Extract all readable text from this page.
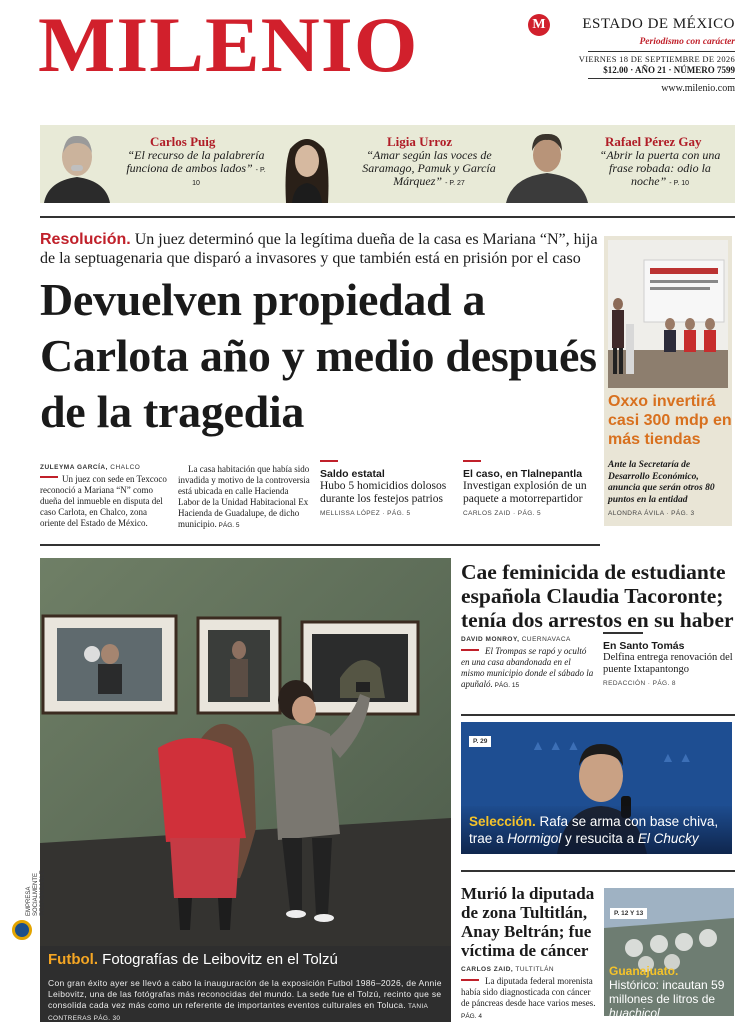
MILENIO	M	ESTADO DE MÉXICO
Periodismo con carácter
VIERNES 18 DE SEPTIEMBRE DE 2026
$12.00 · AÑO 21 · NÚMERO 7599
www.milenio.com
Carlos Puig
“El recurso de la palabrería funciona de ambos lados” - P. 10
Ligia Urroz
“Amar según las voces de Saramago, Pamuk y García Márquez” - P. 27
Rafael Pérez Gay
“Abrir la puerta con una frase robada: odio la noche” - P. 10
Resolución. Un juez determinó que la legítima dueña de la casa es Mariana “N”, hija de la septuagenaria que disparó a invasores y que también está en prisión por el caso
Devuelven propiedad a Carlota año y medio después de la tragedia
ZULEYMA GARCÍA, CHALCO
Un juez con sede en Texcoco reconoció a Mariana “N” como dueña del inmueble en disputa del caso Carlota, en Chalco, zona oriente del Estado de México.
La casa habitación que había sido invadida y motivo de la controversia está ubicada en calle Hacienda Labor de la Unidad Habitacional Ex Hacienda de Guadalupe, de dicho municipio. PÁG. 5
Saldo estatal
Hubo 5 homicidios dolosos durante los festejos patrios
MELLISSA LÓPEZ · PÁG. 5
El caso, en Tlalnepantla
Investigan explosión de un paquete a motorrepartidor
CARLOS ZAID · PÁG. 5
Oxxo invertirá casi 300 mdp en más tiendas
Ante la Secretaría de Desarrollo Económico, anuncia que serán otros 80 puntos en la entidad
ALONDRA ÁVILA · PÁG. 3
Futbol. Fotografías de Leibovitz en el Tolzú
Con gran éxito ayer se llevó a cabo la inauguración de la exposición Futbol 1986–2026, de Annie Leibovitz, una de las fotógrafas más reconocidas del mundo. La sede fue el Tolzú, recinto que se consolida cada vez más como un referente de importantes eventos culturales en Toluca. TANIA CONTRERAS PÁG. 30
EMPRESA SOCIALMENTE RESPONSABLE
Cae feminicida de estudiante española Claudia Tacoronte; tenía dos arrestos en su haber
DAVID MONROY, CUERNAVACA
El Trompas se rapó y ocultó en una casa abandonada en el mismo municipio donde el sábado la apuñaló. PÁG. 15
En Santo Tomás
Delfina entrega renovación del puente Ixtapantongo
REDACCIÓN · PÁG. 8
▲ ▲ ▲
▲ ▲
P. 29
Selección. Rafa se arma con base chiva, trae a Hormigol y resucita a El Chucky
Murió la diputada de zona Tultitlán, Anay Beltrán; fue víctima de cáncer
CARLOS ZAID, TULTITLÁN
La diputada federal morenista había sido diagnosticada con cáncer de páncreas desde hace varios meses. PÁG. 4
P. 12 Y 13
Guanajuato. Histórico: incautan 59 millones de litros de huachicol
